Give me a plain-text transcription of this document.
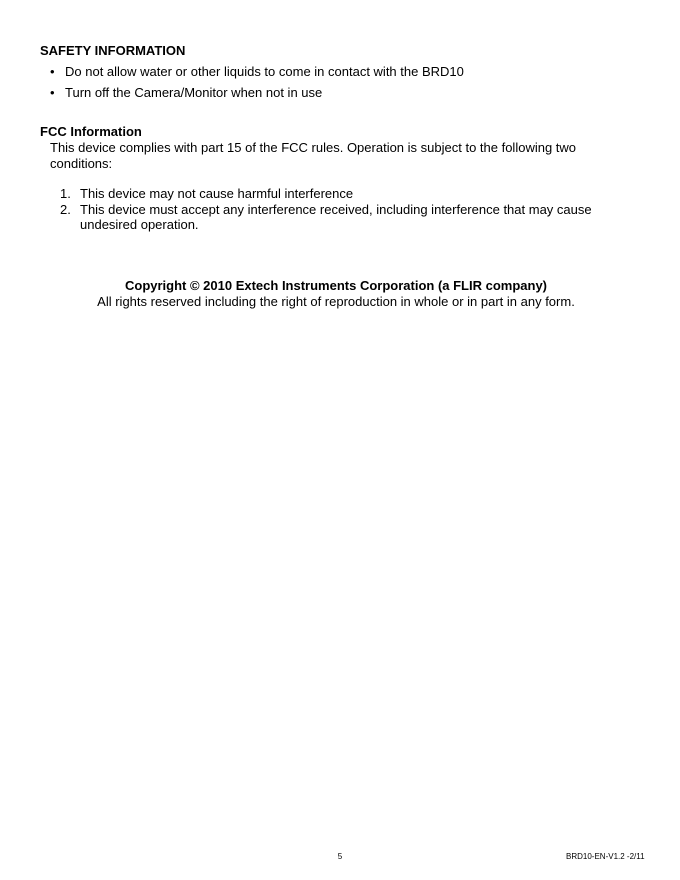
SAFETY INFORMATION
• Do not allow water or other liquids to come in contact with the BRD10
• Turn off the Camera/Monitor when not in use
FCC Information
This device complies with part 15 of the FCC rules. Operation is subject to the following two conditions:
1. This device may not cause harmful interference
2. This device must accept any interference received, including interference that may cause undesired operation.
Copyright © 2010 Extech Instruments Corporation (a FLIR company)
All rights reserved including the right of reproduction in whole or in part in any form.
5	BRD10-EN-V1.2 -2/11
